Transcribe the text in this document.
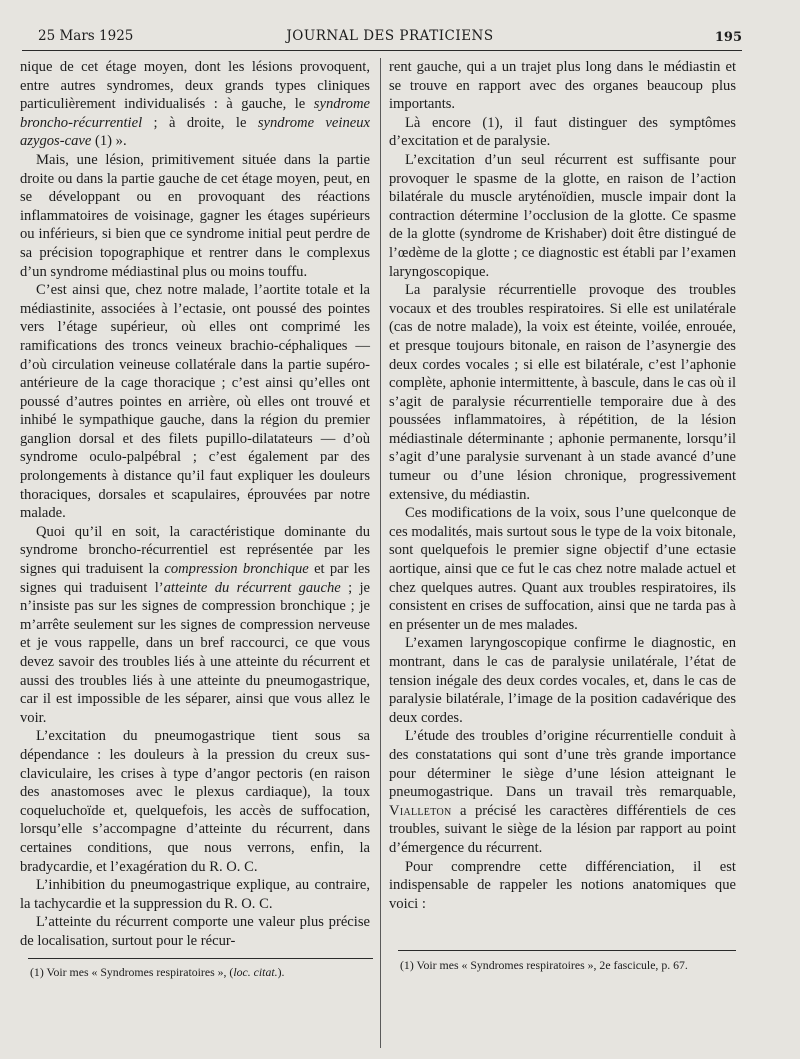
25 Mars 1925	JOURNAL DES PRATICIENS	195

nique de cet étage moyen, dont les lésions provoquent, entre autres syndromes, deux grands types cliniques particulièrement individualisés : à gauche, le syndrome broncho-récurrentiel ; à droite, le syndrome veineux azygos-cave (1) ».

Mais, une lésion, primitivement située dans la partie droite ou dans la partie gauche de cet étage moyen, peut, en se développant ou en provoquant des réactions inflammatoires de voisinage, gagner les étages supérieurs ou inférieurs, si bien que ce syndrome initial peut perdre de sa précision topographique et rentrer dans le complexus d’un syndrome médiastinal plus ou moins touffu.

C’est ainsi que, chez notre malade, l’aortite totale et la médiastinite, associées à l’ectasie, ont poussé des pointes vers l’étage supérieur, où elles ont comprimé les ramifications des troncs veineux brachio-céphaliques — d’où circulation veineuse collatérale dans la partie supéro-antérieure de la cage thoracique ; c’est ainsi qu’elles ont poussé d’autres pointes en arrière, où elles ont trouvé et inhibé le sympathique gauche, dans la région du premier ganglion dorsal et des filets pupillo-dilatateurs — d’où syndrome oculo-palpébral ; c’est également par des prolongements à distance qu’il faut expliquer les douleurs thoraciques, dorsales et scapulaires, éprouvées par notre malade.

Quoi qu’il en soit, la caractéristique dominante du syndrome broncho-récurrentiel est représentée par les signes qui traduisent la compression bronchique et par les signes qui traduisent l’atteinte du récurrent gauche ; je n’insiste pas sur les signes de compression bronchique ; je m’arrête seulement sur les signes de compression nerveuse et je vous rappelle, dans un bref raccourci, ce que vous devez savoir des troubles liés à une atteinte du récurrent et aussi des troubles liés à une atteinte du pneumogastrique, car il est impossible de les séparer, ainsi que vous allez le voir.

L’excitation du pneumogastrique tient sous sa dépendance : les douleurs à la pression du creux sus-claviculaire, les crises à type d’angor pectoris (en raison des anastomoses avec le plexus cardiaque), la toux coqueluchoïde et, quelquefois, les accès de suffocation, lorsqu’elle s’accompagne d’atteinte du récurrent, dans certaines conditions, que nous verrons, enfin, la bradycardie, et l’exagération du R. O. C.

L’inhibition du pneumogastrique explique, au contraire, la tachycardie et la suppression du R. O. C.

L’atteinte du récurrent comporte une valeur plus précise de localisation, surtout pour le récur-

rent gauche, qui a un trajet plus long dans le médiastin et se trouve en rapport avec des organes beaucoup plus importants.

Là encore (1), il faut distinguer des symptômes d’excitation et de paralysie.

L’excitation d’un seul récurrent est suffisante pour provoquer le spasme de la glotte, en raison de l’action bilatérale du muscle aryténoïdien, muscle impair dont la contraction détermine l’occlusion de la glotte. Ce spasme de la glotte (syndrome de Krishaber) doit être distingué de l’œdème de la glotte ; ce diagnostic est établi par l’examen laryngoscopique.

La paralysie récurrentielle provoque des troubles vocaux et des troubles respiratoires. Si elle est unilatérale (cas de notre malade), la voix est éteinte, voilée, enrouée, et presque toujours bitonale, en raison de l’asynergie des deux cordes vocales ; si elle est bilatérale, c’est l’aphonie complète, aphonie intermittente, à bascule, dans le cas où il s’agit de paralysie récurrentielle temporaire due à des poussées inflammatoires, à répétition, de la lésion médiastinale déterminante ; aphonie permanente, lorsqu’il s’agit d’une paralysie survenant à un stade avancé d’une tumeur ou d’une lésion chronique, progressivement extensive, du médiastin.

Ces modifications de la voix, sous l’une quelconque de ces modalités, mais surtout sous le type de la voix bitonale, sont quelquefois le premier signe objectif d’une ectasie aortique, ainsi que ce fut le cas chez notre malade actuel et chez quelques autres. Quant aux troubles respiratoires, ils consistent en crises de suffocation, ainsi que ne tarda pas à en présenter un de mes malades.

L’examen laryngoscopique confirme le diagnostic, en montrant, dans le cas de paralysie unilatérale, l’état de tension inégale des deux cordes vocales, et, dans le cas de paralysie bilatérale, l’image de la position cadavérique des deux cordes.

L’étude des troubles d’origine récurrentielle conduit à des constatations qui sont d’une très grande importance pour déterminer le siège d’une lésion atteignant le pneumogastrique. Dans un travail très remarquable, Vialleton a précisé les caractères différentiels de ces troubles, suivant le siège de la lésion par rapport au point d’émergence du récurrent.

Pour comprendre cette différenciation, il est indispensable de rappeler les notions anatomiques que voici :

(1) Voir mes « Syndromes respiratoires », (loc. citat.).	(1) Voir mes « Syndromes respiratoires », 2e fascicule, p. 67.
